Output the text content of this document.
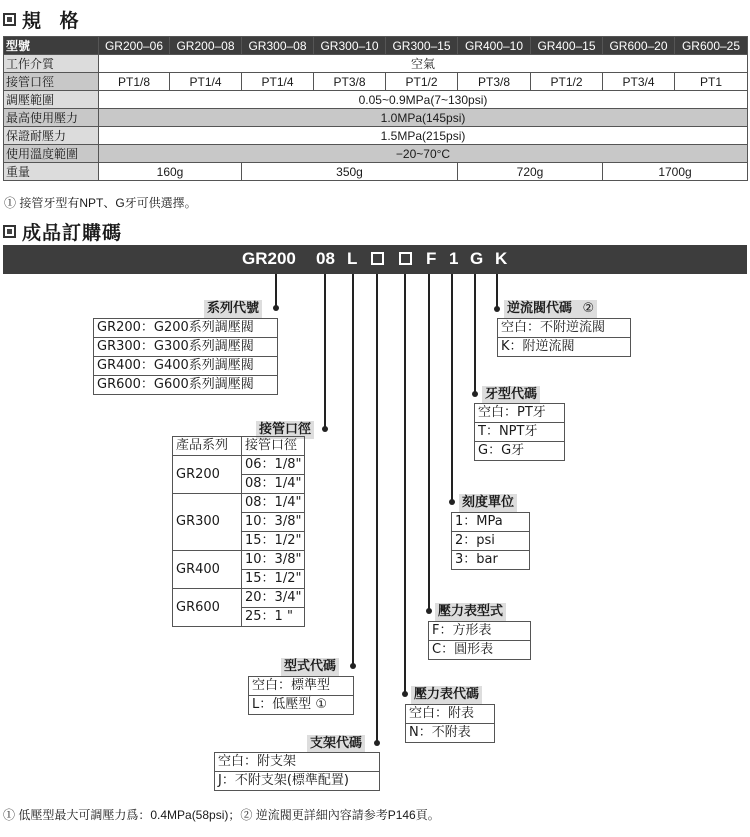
規 格
型號	GR200–06	GR200–08	GR300–08	GR300–10	GR300–15	GR400–10	GR400–15	GR600–20	GR600–25
工作介質	空氣								
接管口徑	PT1/8	PT1/4	PT1/4	PT3/8	PT1/2	PT3/8	PT1/2	PT3/4	PT1
調壓範圍	0.05~0.9MPa(7~130psi)								
最高使用壓力	1.0MPa(145psi)								
保證耐壓力	1.5MPa(215psi)								
使用溫度範圍	−20~70°C								
重量	160g		350g			720g		1700g	
① 接管牙型有NPT、G牙可供選擇。
成品訂購碼
GR200 08 L	F 1 G K
系列代號
GR200：G200系列調壓閥
GR300：G300系列調壓閥
GR400：G400系列調壓閥
GR600：G600系列調壓閥
接管口徑
產品系列	接管口徑
GR200	06：1/8"
	08：1/4"
GR300	08：1/4"
	10：3/8"
	15：1/2"
GR400	10：3/8"
	15：1/2"
GR600	20：3/4"
	25：1 "
型式代碼
空白：標準型
L：低壓型 ①
支架代碼
空白：附支架
J：不附支架(標準配置)
壓力表代碼
空白：附表
N：不附表
壓力表型式
F：方形表
C：圓形表
刻度單位
1：MPa
2：psi
3：bar
牙型代碼
空白：PT牙
T：NPT牙
G：G牙
逆流閥代碼 ②
空白：不附逆流閥
K：附逆流閥
① 低壓型最大可調壓力爲：0.4MPa(58psi)；② 逆流閥更詳細內容請参考P146頁。
